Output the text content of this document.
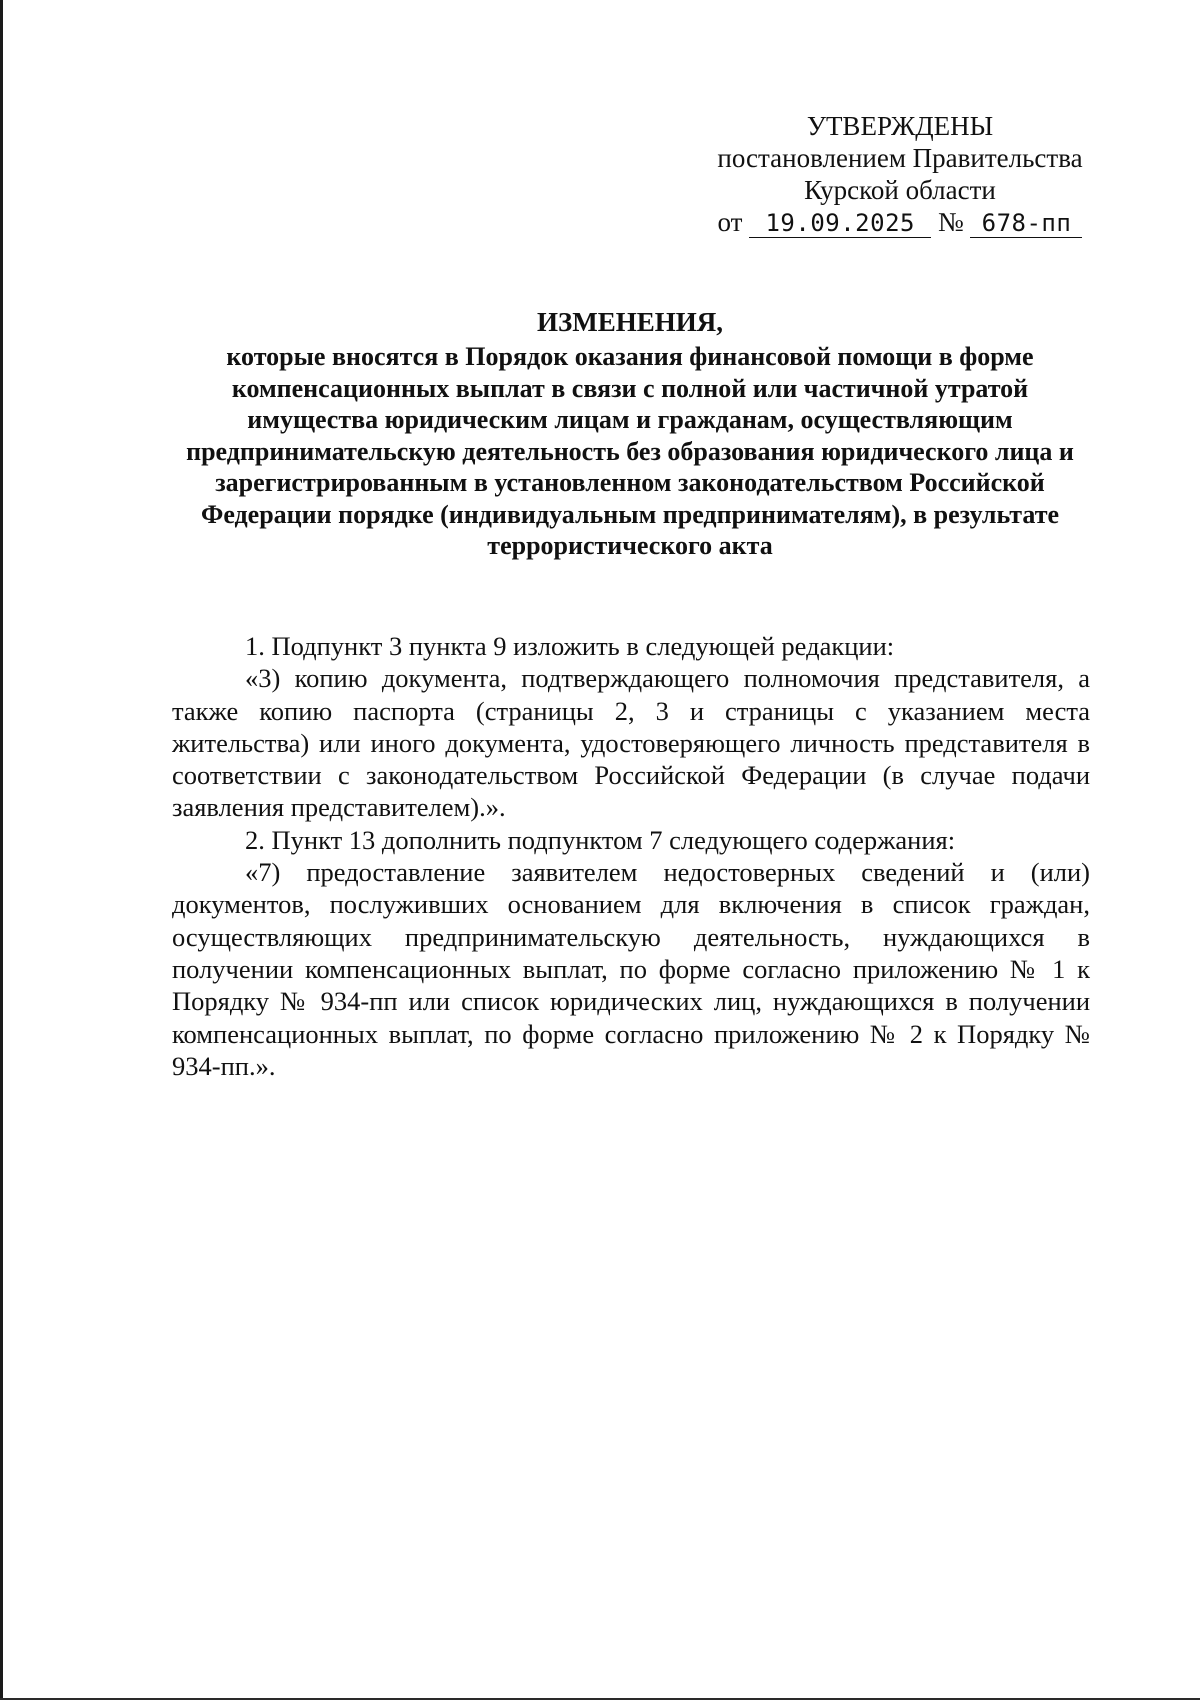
УТВЕРЖДЕНЫ
постановлением Правительства
Курской области
от 19.09.2025 № 678-пп
ИЗМЕНЕНИЯ,
которые вносятся в Порядок оказания финансовой помощи в форме компенсационных выплат в связи с полной или частичной утратой имущества юридическим лицам и гражданам, осуществляющим предпринимательскую деятельность без образования юридического лица и зарегистрированным в установленном законодательством Российской Федерации порядке (индивидуальным предпринимателям), в результате террористического акта

1. Подпункт 3 пункта 9 изложить в следующей редакции:

«3) копию документа, подтверждающего полномочия представителя, а также копию паспорта (страницы 2, 3 и страницы с указанием места жительства) или иного документа, удостоверяющего личность представителя в соответствии с законодательством Российской Федерации (в случае подачи заявления представителем).».

2. Пункт 13 дополнить подпунктом 7 следующего содержания:

«7) предоставление заявителем недостоверных сведений и (или) документов, послуживших основанием для включения в список граждан, осуществляющих предпринимательскую деятельность, нуждающихся в получении компенсационных выплат, по форме согласно приложению № 1 к Порядку № 934-пп или список юридических лиц, нуждающихся в получении компенсационных выплат, по форме согласно приложению № 2 к Порядку № 934-пп.».
